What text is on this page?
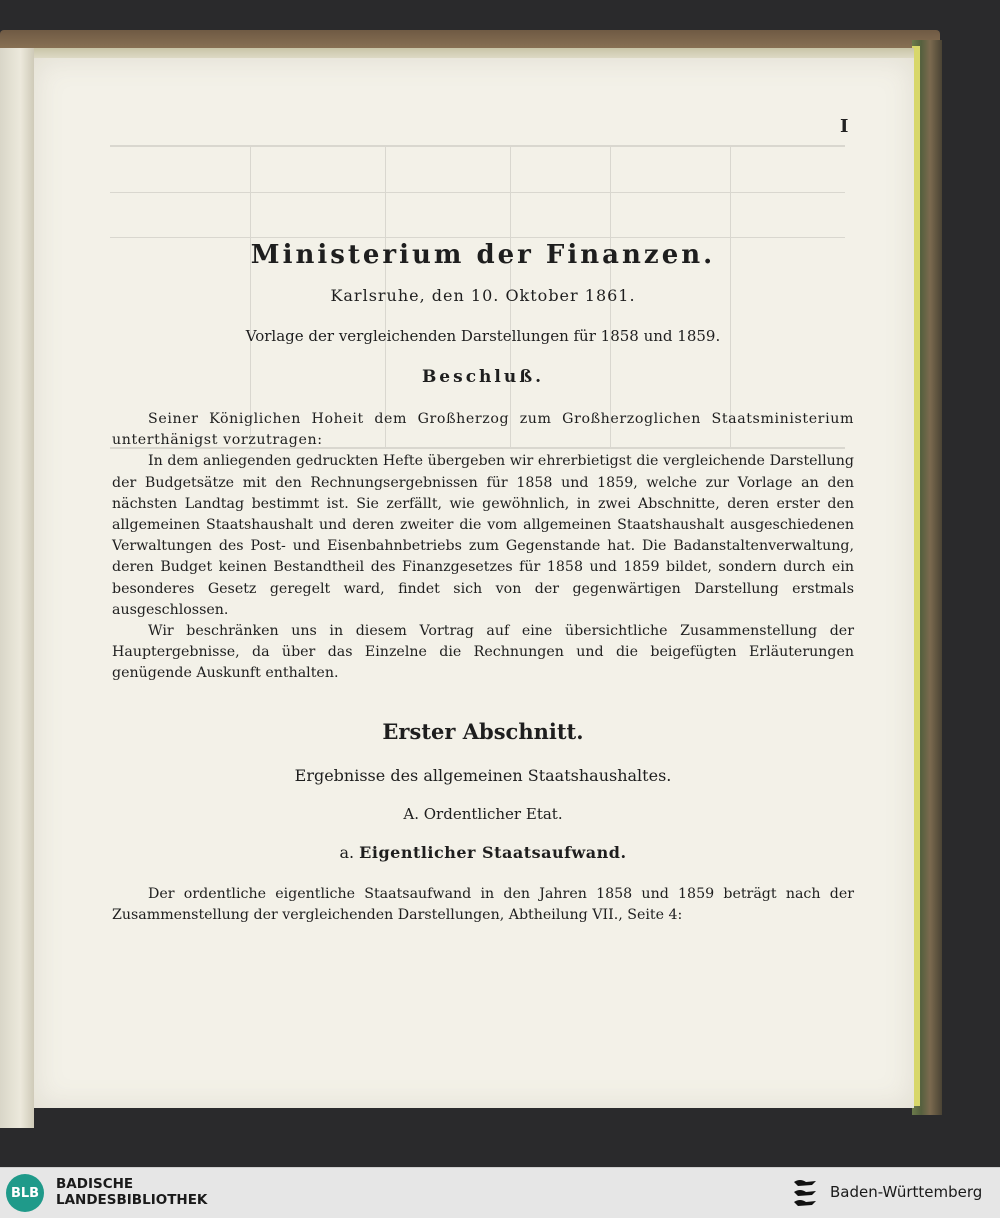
I
Ministerium der Finanzen.

Karlsruhe, den 10. Oktober 1861.

Vorlage der vergleichenden Darstellungen für 1858 und 1859.

Beschluß.

Seiner Königlichen Hoheit dem Großherzog zum Großherzoglichen Staatsministerium unterthänigst vorzutragen:

In dem anliegenden gedruckten Hefte übergeben wir ehrerbietigst die vergleichende Darstellung der Budgetsätze mit den Rechnungsergebnissen für 1858 und 1859, welche zur Vorlage an den nächsten Landtag bestimmt ist. Sie zerfällt, wie gewöhnlich, in zwei Abschnitte, deren erster den allgemeinen Staatshaushalt und deren zweiter die vom allgemeinen Staatshaushalt ausgeschiedenen Verwaltungen des Post- und Eisenbahnbetriebs zum Gegenstande hat. Die Badanstaltenverwaltung, deren Budget keinen Bestandtheil des Finanzgesetzes für 1858 und 1859 bildet, sondern durch ein besonderes Gesetz geregelt ward, findet sich von der gegenwärtigen Darstellung erstmals ausgeschlossen.

Wir beschränken uns in diesem Vortrag auf eine übersichtliche Zusammenstellung der Hauptergebnisse, da über das Einzelne die Rechnungen und die beigefügten Erläuterungen genügende Auskunft enthalten.

Erster Abschnitt.

Ergebnisse des allgemeinen Staatshaushaltes.

A. Ordentlicher Etat.

a. Eigentlicher Staatsaufwand.

Der ordentliche eigentliche Staatsaufwand in den Jahren 1858 und 1859 beträgt nach der Zusammenstellung der vergleichenden Darstellungen, Abtheilung VII., Seite 4:

BLB
BADISCHE
LANDESBIBLIOTHEK	Baden-Württemberg
